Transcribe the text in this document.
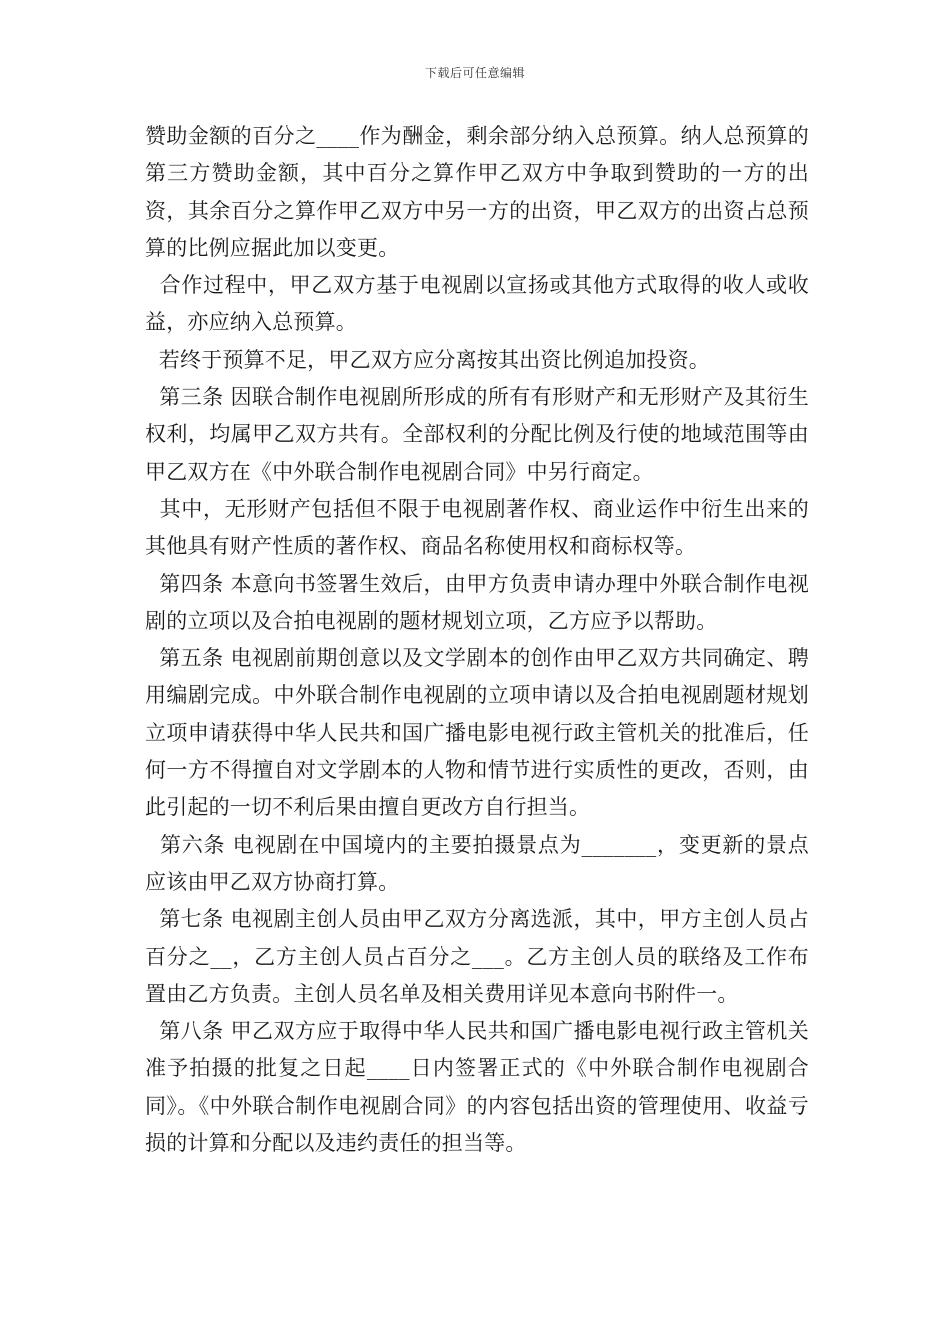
下载后可任意编辑

赞助金额的百分之____作为酬金，剩余部分纳入总预算。纳人总预算的第三方赞助金额，其中百分之算作甲乙双方中争取到赞助的一方的出资，其余百分之算作甲乙双方中另一方的出资，甲乙双方的出资占总预算的比例应据此加以变更。

合作过程中，甲乙双方基于电视剧以宣扬或其他方式取得的收人或收益，亦应纳入总预算。

若终于预算不足，甲乙双方应分离按其出资比例追加投资。

第三条 因联合制作电视剧所形成的所有有形财产和无形财产及其衍生权利，均属甲乙双方共有。全部权利的分配比例及行使的地域范围等由甲乙双方在《中外联合制作电视剧合同》中另行商定。

其中，无形财产包括但不限于电视剧著作权、商业运作中衍生出来的其他具有财产性质的著作权、商品名称使用权和商标权等。

第四条 本意向书签署生效后，由甲方负责申请办理中外联合制作电视剧的立项以及合拍电视剧的题材规划立项，乙方应予以帮助。

第五条 电视剧前期创意以及文学剧本的创作由甲乙双方共同确定、聘用编剧完成。中外联合制作电视剧的立项申请以及合拍电视剧题材规划立项申请获得中华人民共和国广播电影电视行政主管机关的批准后，任何一方不得擅自对文学剧本的人物和情节进行实质性的更改，否则，由此引起的一切不利后果由擅自更改方自行担当。

第六条 电视剧在中国境内的主要拍摄景点为_______，变更新的景点应该由甲乙双方协商打算。

第七条 电视剧主创人员由甲乙双方分离选派，其中，甲方主创人员占百分之__，乙方主创人员占百分之___。乙方主创人员的联络及工作布置由乙方负责。主创人员名单及相关费用详见本意向书附件一。

第八条 甲乙双方应于取得中华人民共和国广播电影电视行政主管机关准予拍摄的批复之日起____日内签署正式的《中外联合制作电视剧合同》。《中外联合制作电视剧合同》的内容包括出资的管理使用、收益亏损的计算和分配以及违约责任的担当等。
